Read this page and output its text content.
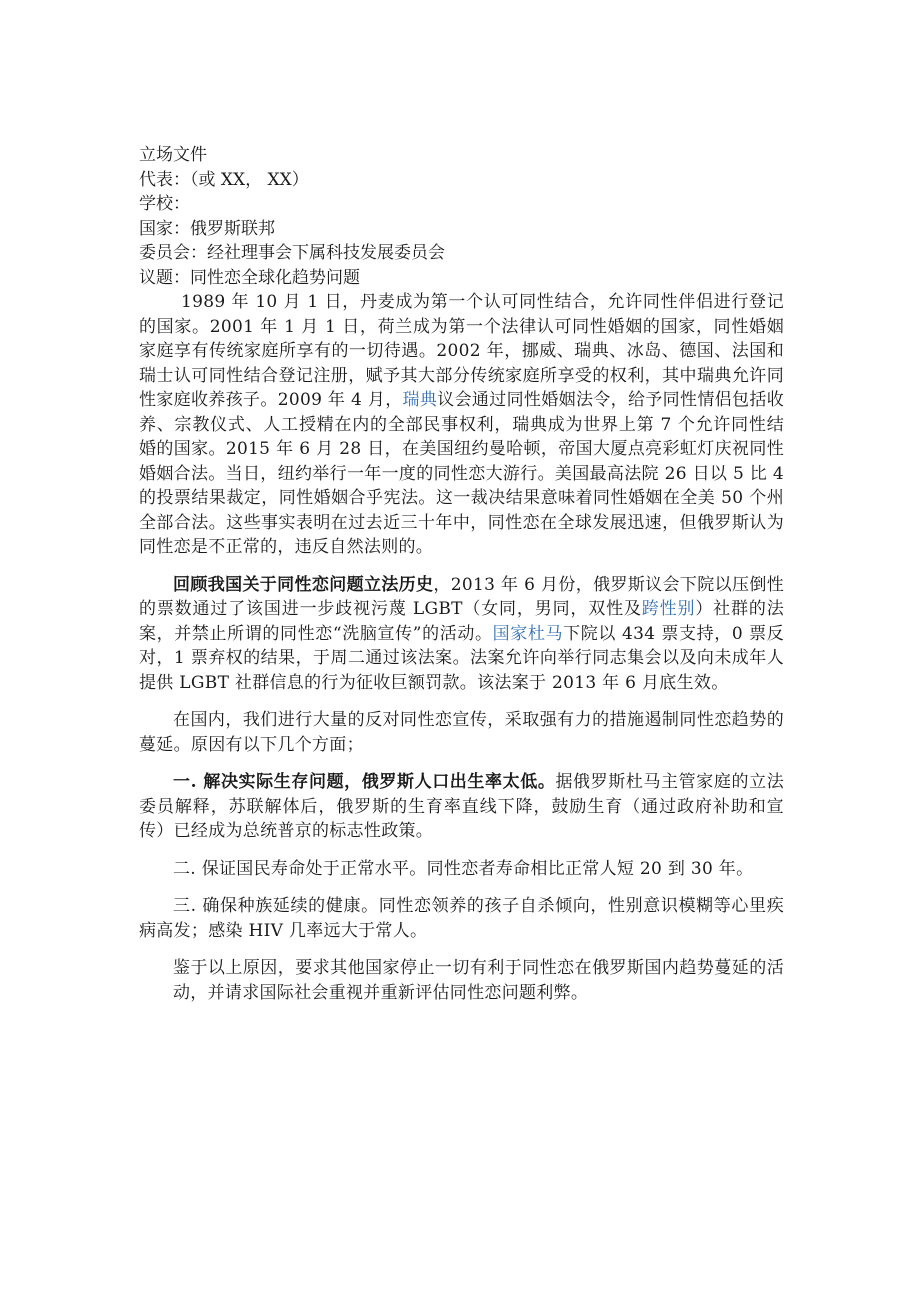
立场文件
代表：（或 XX， XX）
学校：
国家：俄罗斯联邦
委员会：经社理事会下属科技发展委员会
议题：同性恋全球化趋势问题

1989 年 10 月 1 日，丹麦成为第一个认可同性结合，允许同性伴侣进行登记的国家。2001 年 1 月 1 日，荷兰成为第一个法律认可同性婚姻的国家，同性婚姻家庭享有传统家庭所享有的一切待遇。2002 年，挪威、瑞典、冰岛、德国、法国和瑞士认可同性结合登记注册，赋予其大部分传统家庭所享受的权利，其中瑞典允许同性家庭收养孩子。2009 年 4 月，瑞典议会通过同性婚姻法令，给予同性情侣包括收养、宗教仪式、人工授精在内的全部民事权利，瑞典成为世界上第 7 个允许同性结婚的国家。2015 年 6 月 28 日，在美国纽约曼哈顿，帝国大厦点亮彩虹灯庆祝同性婚姻合法。当日，纽约举行一年一度的同性恋大游行。美国最高法院 26 日以 5 比 4 的投票结果裁定，同性婚姻合乎宪法。这一裁决结果意味着同性婚姻在全美 50 个州全部合法。这些事实表明在过去近三十年中，同性恋在全球发展迅速，但俄罗斯认为同性恋是不正常的，违反自然法则的。

回顾我国关于同性恋问题立法历史，2013 年 6 月份，俄罗斯议会下院以压倒性的票数通过了该国进一步歧视污蔑 LGBT（女同，男同，双性及跨性别）社群的法案，并禁止所谓的同性恋“洗脑宣传”的活动。国家杜马下院以 434 票支持，0 票反对，1 票弃权的结果，于周二通过该法案。法案允许向举行同志集会以及向未成年人提供 LGBT 社群信息的行为征收巨额罚款。该法案于 2013 年 6 月底生效。

在国内，我们进行大量的反对同性恋宣传，采取强有力的措施遏制同性恋趋势的蔓延。原因有以下几个方面；

一. 解决实际生存问题，俄罗斯人口出生率太低。据俄罗斯杜马主管家庭的立法委员解释，苏联解体后，俄罗斯的生育率直线下降，鼓励生育（通过政府补助和宣传）已经成为总统普京的标志性政策。

二. 保证国民寿命处于正常水平。同性恋者寿命相比正常人短 20 到 30 年。

三. 确保种族延续的健康。同性恋领养的孩子自杀倾向，性别意识模糊等心里疾病高发；感染 HIV 几率远大于常人。

鉴于以上原因，要求其他国家停止一切有利于同性恋在俄罗斯国内趋势蔓延的活动，并请求国际社会重视并重新评估同性恋问题利弊。
